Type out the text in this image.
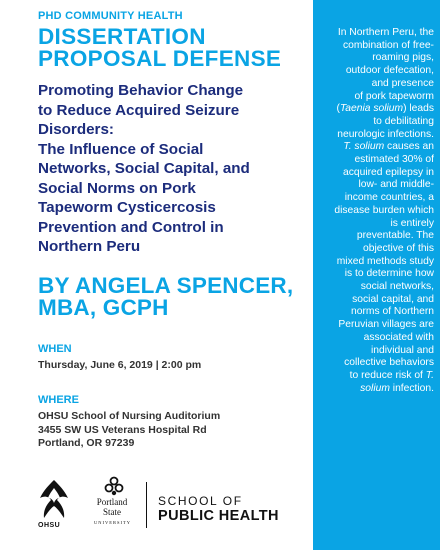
PHD COMMUNITY HEALTH

DISSERTATION
PROPOSAL DEFENSE
Promoting Behavior Change
to Reduce Acquired Seizure
Disorders:
The Influence of Social
Networks, Social Capital, and
Social Norms on Pork
Tapeworm Cysticercosis
Prevention and Control in
Northern Peru
BY ANGELA SPENCER,
MBA, GCPH

WHEN

Thursday, June 6, 2019 | 2:00 pm

WHERE

OHSU School of Nursing Auditorium
3455 SW US Veterans Hospital Rd
Portland, OR 97239

In Northern Peru, the
combination of free-
roaming pigs,
outdoor defecation,
and presence
of pork tapeworm
(Taenia solium) leads
to debilitating
neurologic infections.
T. solium causes an
estimated 30% of
acquired epilepsy in
low- and middle-
income countries, a
disease burden which
is entirely
preventable. The
objective of this
mixed methods study
is to determine how
social networks,
social capital, and
norms of Northern
Peruvian villages are
associated with
individual and
collective behaviors
to reduce risk of T.
solium infection.
OHSU
Portland
State
UNIVERSITY
SCHOOL OF
PUBLIC HEALTH
